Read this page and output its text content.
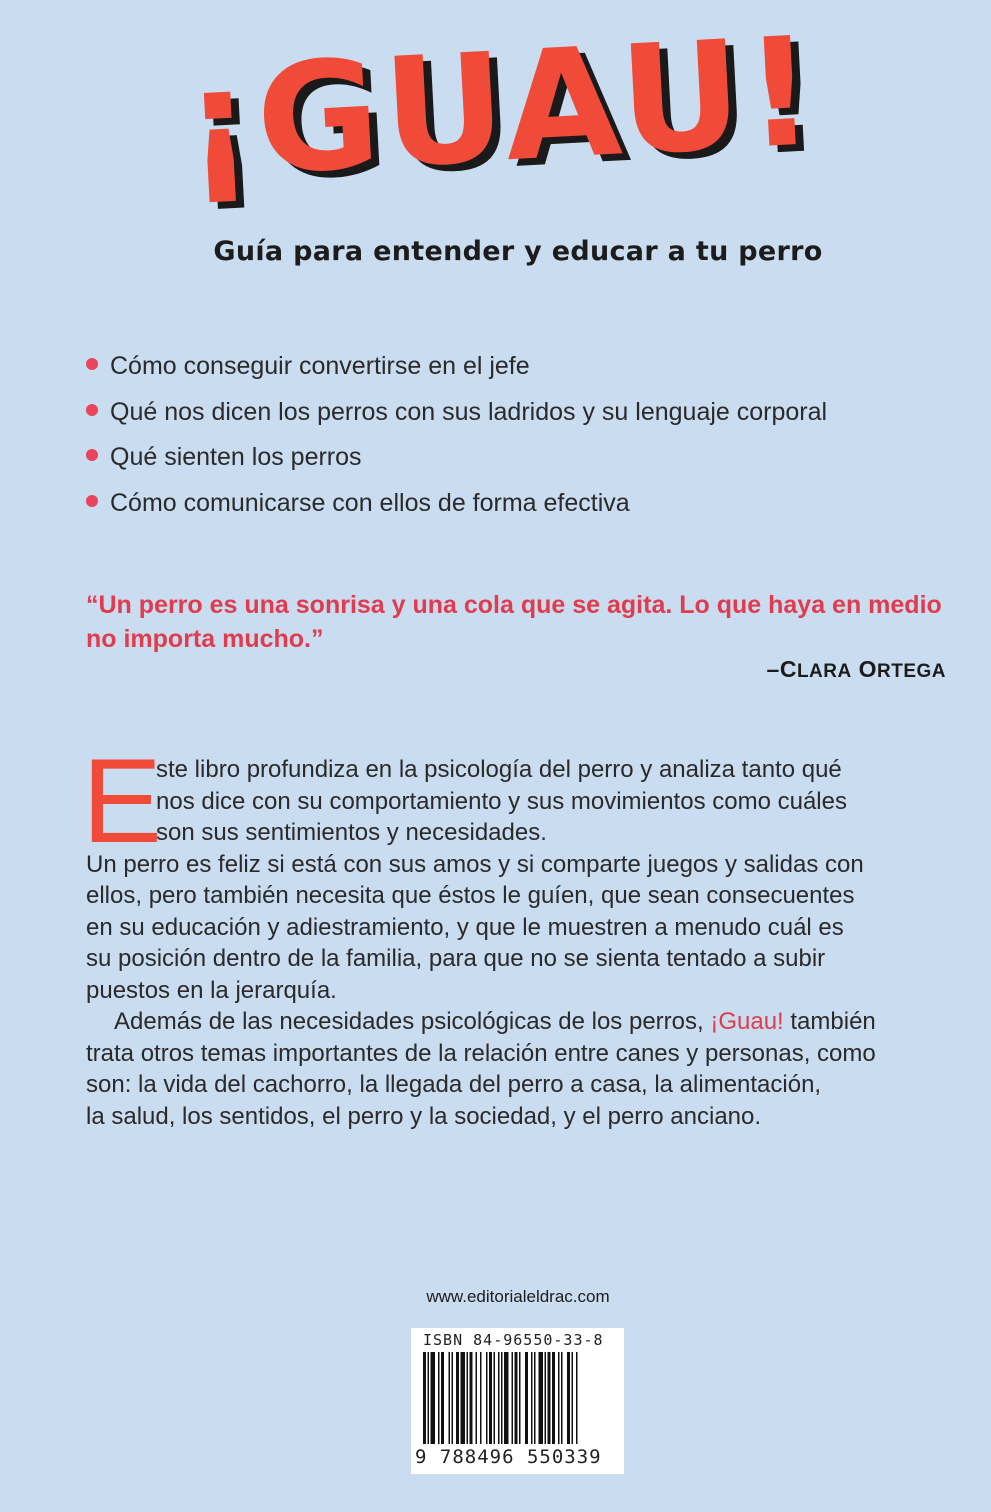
¡GUAU!
Guía para entender y educar a tu perro
Cómo conseguir convertirse en el jefe
Qué nos dicen los perros con sus ladridos y su lenguaje corporal
Qué sienten los perros
Cómo comunicarse con ellos de forma efectiva
“Un perro es una sonrisa y una cola que se agita. Lo que haya en medio no importa mucho.”
–CLARA ORTEGA
E
ste libro profundiza en la psicología del perro y analiza tanto qué
nos dice con su comportamiento y sus movimientos como cuáles
son sus sentimientos y necesidades.
Un perro es feliz si está con sus amos y si comparte juegos y salidas con
ellos, pero también necesita que éstos le guíen, que sean consecuentes
en su educación y adiestramiento, y que le muestren a menudo cuál es
su posición dentro de la familia, para que no se sienta tentado a subir
puestos en la jerarquía.
Además de las necesidades psicológicas de los perros, ¡Guau! también
trata otros temas importantes de la relación entre canes y personas, como
son: la vida del cachorro, la llegada del perro a casa, la alimentación,
la salud, los sentidos, el perro y la sociedad, y el perro anciano.
www.editorialeldrac.com
ISBN 84-96550-33-8
9 788496 550339
